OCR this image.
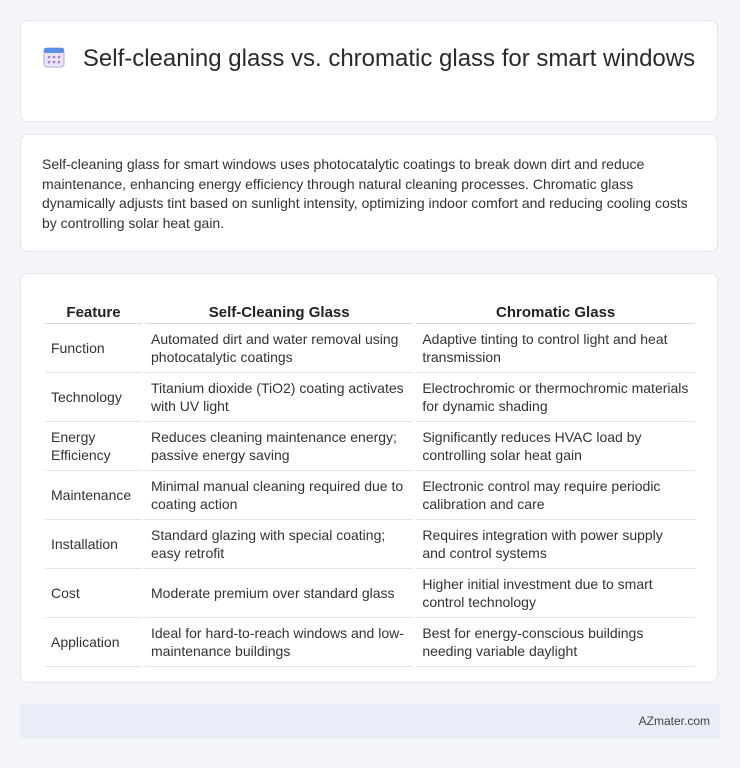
Self-cleaning glass vs. chromatic glass for smart windows
Self-cleaning glass for smart windows uses photocatalytic coatings to break down dirt and reduce maintenance, enhancing energy efficiency through natural cleaning processes. Chromatic glass dynamically adjusts tint based on sunlight intensity, optimizing indoor comfort and reducing cooling costs by controlling solar heat gain.
Feature	Self-Cleaning Glass	Chromatic Glass
Function	Automated dirt and water removal using photocatalytic coatings	Adaptive tinting to control light and heat transmission
Technology	Titanium dioxide (TiO2) coating activates with UV light	Electrochromic or thermochromic materials for dynamic shading
Energy Efficiency	Reduces cleaning maintenance energy; passive energy saving	Significantly reduces HVAC load by controlling solar heat gain
Maintenance	Minimal manual cleaning required due to coating action	Electronic control may require periodic calibration and care
Installation	Standard glazing with special coating; easy retrofit	Requires integration with power supply and control systems
Cost	Moderate premium over standard glass	Higher initial investment due to smart control technology
Application	Ideal for hard-to-reach windows and low-maintenance buildings	Best for energy-conscious buildings needing variable daylight
AZmater.com
